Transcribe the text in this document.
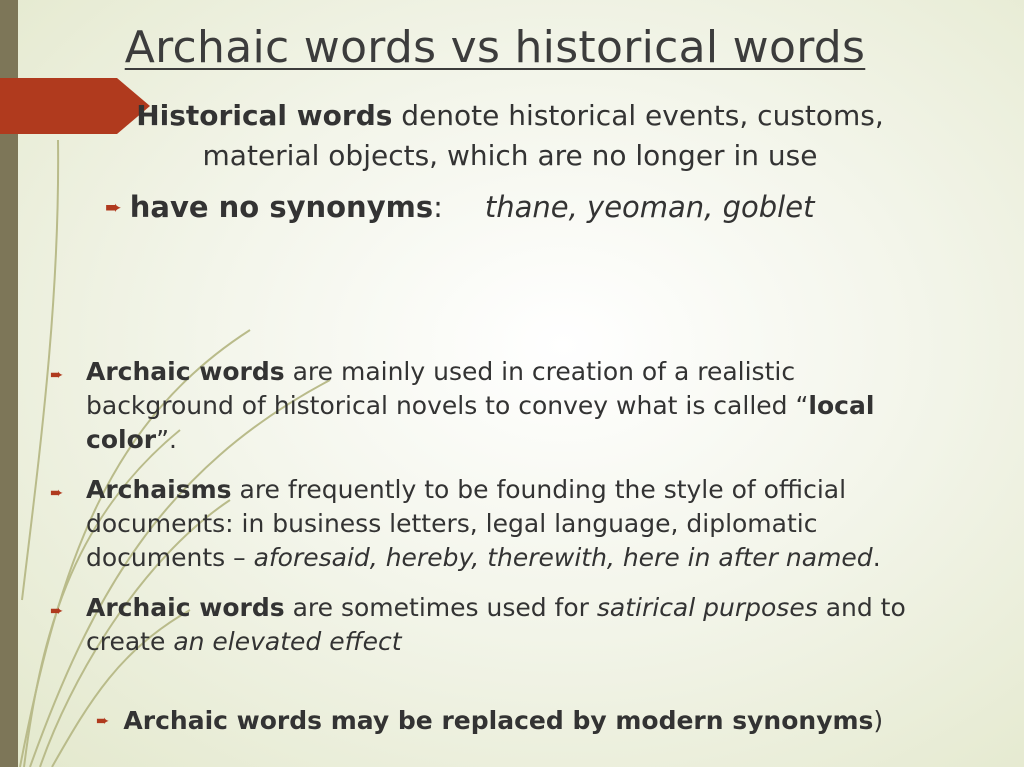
Archaic words vs historical words
Historical words denote historical events, customs,
material objects, which are no longer in use
➨ have no synonyms: thane, yeoman, goblet
➨ Archaic words are mainly used in creation of a realistic background of historical novels to convey what is called “local color”.
➨ Archaisms are frequently to be founding the style of official documents: in business letters, legal language, diplomatic documents – aforesaid, hereby, therewith, here in after named.
➨ Archaic words are sometimes used for satirical purposes and to create an elevated effect
➨ Archaic words may be replaced by modern synonyms)
